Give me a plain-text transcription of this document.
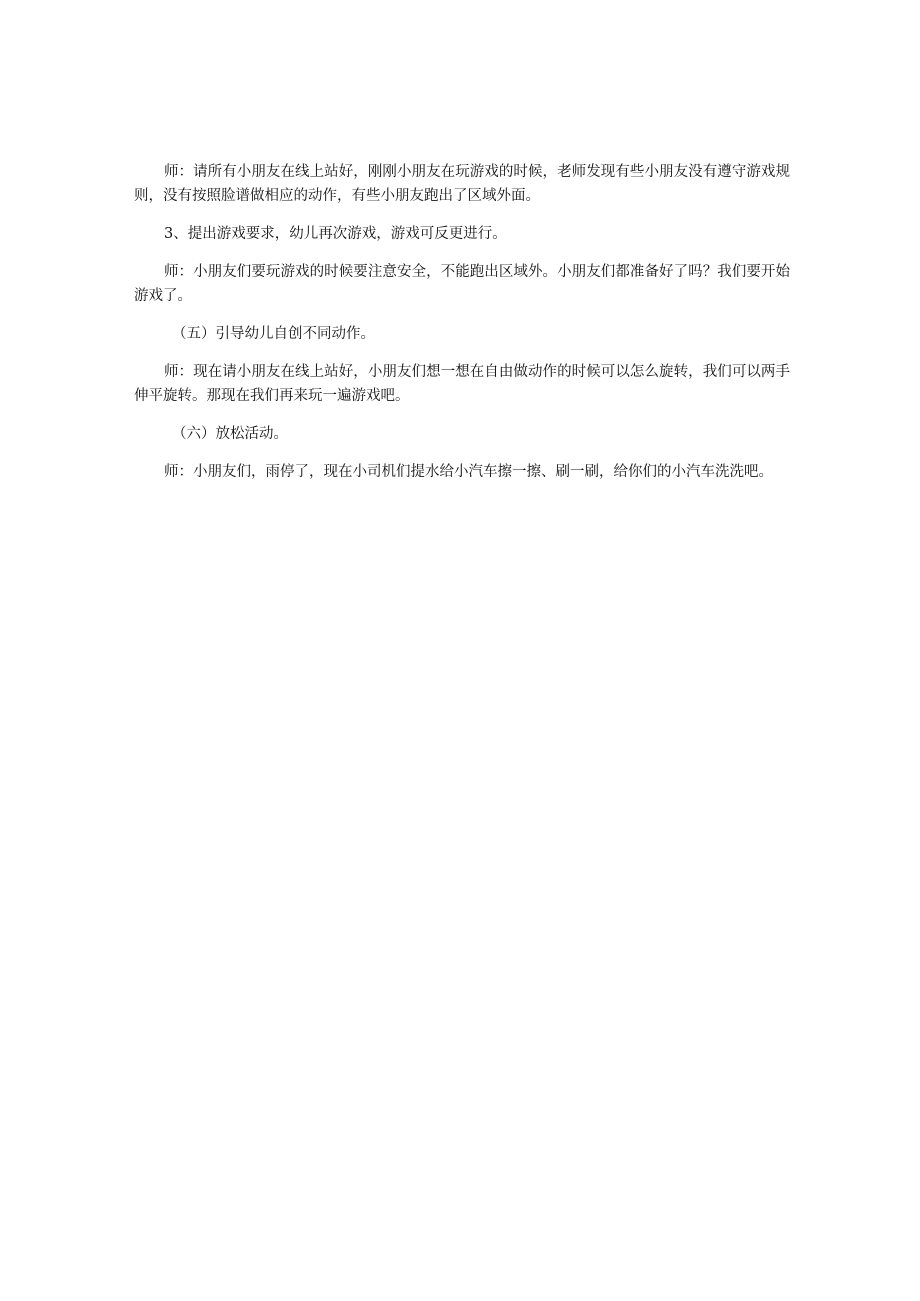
师：请所有小朋友在线上站好，刚刚小朋友在玩游戏的时候，老师发现有些小朋友没有遵守游戏规则，没有按照脸谱做相应的动作，有些小朋友跑出了区域外面。

3、提出游戏要求，幼儿再次游戏，游戏可反更进行。

师：小朋友们要玩游戏的时候要注意安全，不能跑出区域外。小朋友们都准备好了吗？我们要开始游戏了。

（五）引导幼儿自创不同动作。

师：现在请小朋友在线上站好，小朋友们想一想在自由做动作的时候可以怎么旋转，我们可以两手伸平旋转。那现在我们再来玩一遍游戏吧。

（六）放松活动。

师：小朋友们，雨停了，现在小司机们提水给小汽车擦一擦、刷一刷，给你们的小汽车洗洗吧。
